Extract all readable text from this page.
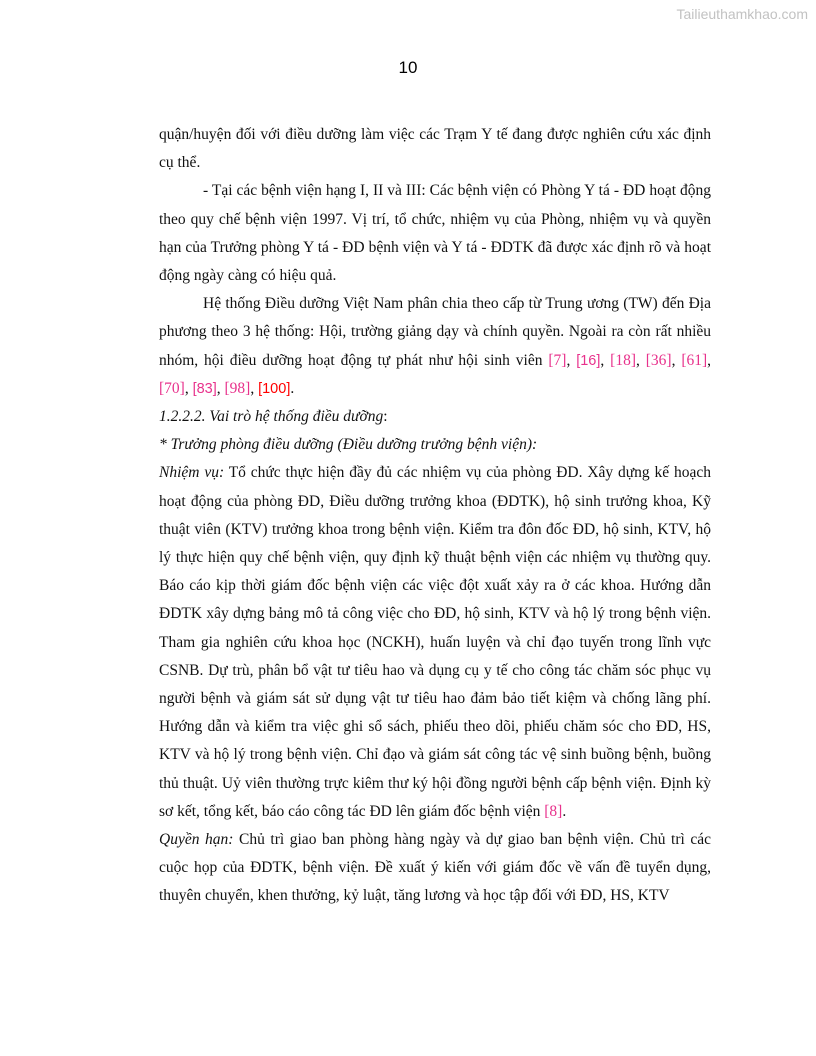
Tailieuthamkhao.com
10

quận/huyện đối với điều dưỡng làm việc các Trạm Y tế đang được nghiên cứu xác định cụ thể.

- Tại các bệnh viện hạng I, II và III: Các bệnh viện có Phòng Y tá - ĐD hoạt động theo quy chế bệnh viện 1997. Vị trí, tổ chức, nhiệm vụ của Phòng, nhiệm vụ và quyền hạn của Trưởng phòng Y tá - ĐD bệnh viện và Y tá - ĐDTK đã được xác định rõ và hoạt động ngày càng có hiệu quả.

Hệ thống Điều dưỡng Việt Nam phân chia theo cấp từ Trung ương (TW) đến Địa phương theo 3 hệ thống: Hội, trường giảng dạy và chính quyền. Ngoài ra còn rất nhiều nhóm, hội điều dưỡng hoạt động tự phát như hội sinh viên [7], [16], [18], [36], [61], [70], [83], [98], [100].

1.2.2.2. Vai trò hệ thống điều dưỡng:

* Trưởng phòng điều dưỡng (Điều dưỡng trưởng bệnh viện):

Nhiệm vụ: Tổ chức thực hiện đầy đủ các nhiệm vụ của phòng ĐD. Xây dựng kế hoạch hoạt động của phòng ĐD, Điều dưỡng trưởng khoa (ĐDTK), hộ sinh trưởng khoa, Kỹ thuật viên (KTV) trưởng khoa trong bệnh viện. Kiểm tra đôn đốc ĐD, hộ sinh, KTV, hộ lý thực hiện quy chế bệnh viện, quy định kỹ thuật bệnh viện các nhiệm vụ thường quy. Báo cáo kịp thời giám đốc bệnh viện các việc đột xuất xảy ra ở các khoa. Hướng dẫn ĐDTK xây dựng bảng mô tả công việc cho ĐD, hộ sinh, KTV và hộ lý trong bệnh viện. Tham gia nghiên cứu khoa học (NCKH), huấn luyện và chỉ đạo tuyến trong lĩnh vực CSNB. Dự trù, phân bổ vật tư tiêu hao và dụng cụ y tế cho công tác chăm sóc phục vụ người bệnh và giám sát sử dụng vật tư tiêu hao đảm bảo tiết kiệm và chống lãng phí. Hướng dẫn và kiểm tra việc ghi sổ sách, phiếu theo dõi, phiếu chăm sóc cho ĐD, HS, KTV và hộ lý trong bệnh viện. Chỉ đạo và giám sát công tác vệ sinh buồng bệnh, buồng thủ thuật. Uỷ viên thường trực kiêm thư ký hội đồng người bệnh cấp bệnh viện. Định kỳ sơ kết, tổng kết, báo cáo công tác ĐD lên giám đốc bệnh viện [8].

Quyền hạn: Chủ trì giao ban phòng hàng ngày và dự giao ban bệnh viện. Chủ trì các cuộc họp của ĐDTK, bệnh viện. Đề xuất ý kiến với giám đốc về vấn đề tuyển dụng, thuyên chuyển, khen thưởng, kỷ luật, tăng lương và học tập đối với ĐD, HS, KTV
